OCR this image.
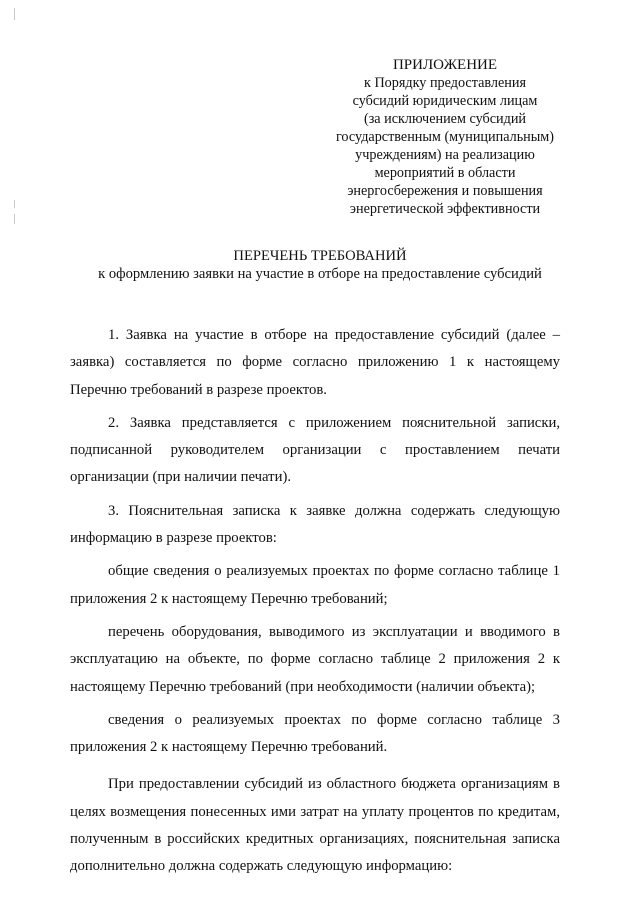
ПРИЛОЖЕНИЕ
к Порядку предоставления
субсидий юридическим лицам
(за исключением субсидий
государственным (муниципальным)
учреждениям) на реализацию
мероприятий в области
энергосбережения и повышения
энергетической эффективности
ПЕРЕЧЕНЬ ТРЕБОВАНИЙ
к оформлению заявки на участие в отборе на предоставление субсидий

1. Заявка на участие в отборе на предоставление субсидий (далее – заявка) составляется по форме согласно приложению 1 к настоящему Перечню требований в разрезе проектов.

2. Заявка представляется с приложением пояснительной записки, подписанной руководителем организации с проставлением печати организации (при наличии печати).

3. Пояснительная записка к заявке должна содержать следующую информацию в разрезе проектов:

общие сведения о реализуемых проектах по форме согласно таблице 1 приложения 2 к настоящему Перечню требований;

перечень оборудования, выводимого из эксплуатации и вводимого в эксплуатацию на объекте, по форме согласно таблице 2 приложения 2 к настоящему Перечню требований (при необходимости (наличии объекта);

сведения о реализуемых проектах по форме согласно таблице 3 приложения 2 к настоящему Перечню требований.

При предоставлении субсидий из областного бюджета организациям в целях возмещения понесенных ими затрат на уплату процентов по кредитам, полученным в российских кредитных организациях, пояснительная записка дополнительно должна содержать следующую информацию:
